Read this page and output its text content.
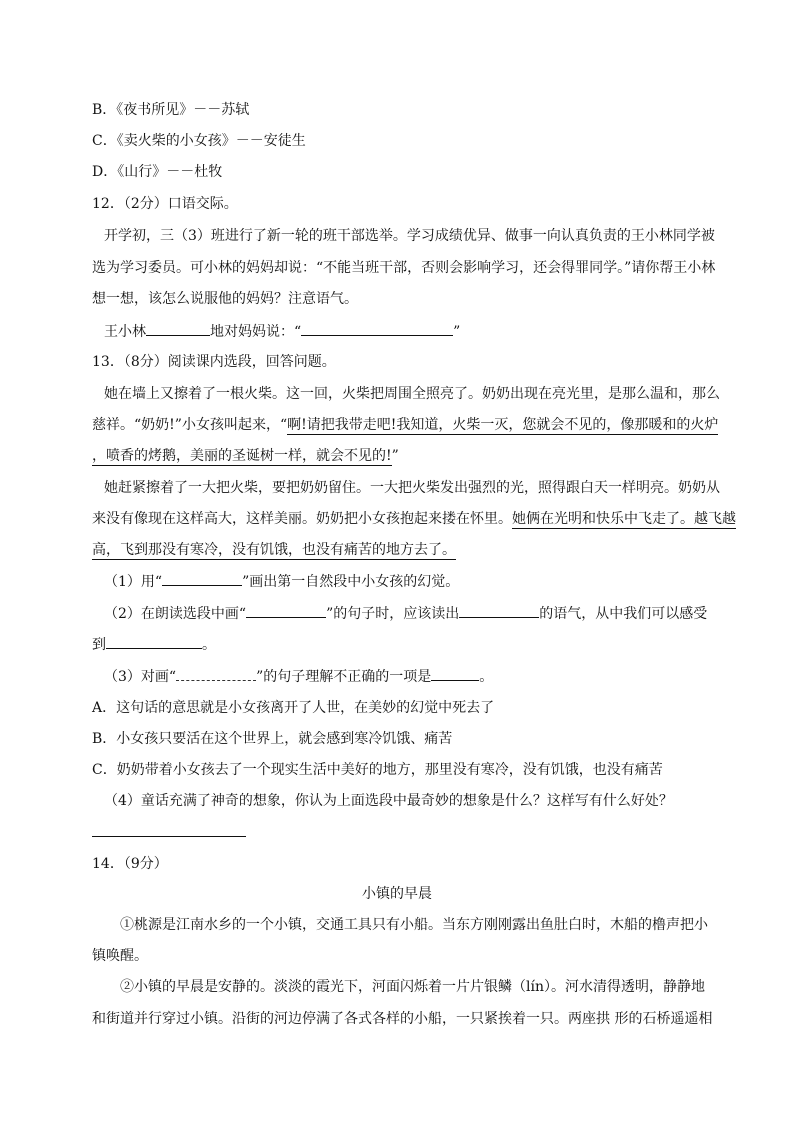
B．《夜书所见》－－苏轼
C．《卖火柴的小女孩》－－安徒生
D．《山行》－－杜牧
12．（2分）口语交际。
开学初，三（3）班进行了新一轮的班干部选举。学习成绩优异、做事一向认真负责的王小林同学被
选为学习委员。可小林的妈妈却说：“不能当班干部，否则会影响学习，还会得罪同学。”请你帮王小林
想一想，该怎么说服他的妈妈？注意语气。
王小林	地对妈妈说：“	”
13．（8分）阅读课内选段，回答问题。
她在墙上又擦着了一根火柴。这一回，火柴把周围全照亮了。奶奶出现在亮光里，是那么温和，那么
慈祥。“奶奶!”小女孩叫起来，“啊!请把我带走吧!我知道，火柴一灭，您就会不见的，像那暖和的火炉
，喷香的烤鹅，美丽的圣诞树一样，就会不见的!”
她赶紧擦着了一大把火柴，要把奶奶留住。一大把火柴发出强烈的光，照得跟白天一样明亮。奶奶从
来没有像现在这样高大，这样美丽。奶奶把小女孩抱起来搂在怀里。她俩在光明和快乐中飞走了。越飞越
高，飞到那没有寒冷，没有饥饿，也没有痛苦的地方去了。
（1）用“	”画出第一自然段中小女孩的幻觉。
（2）在朗读选段中画“	”的句子时，应该读出	的语气，从中我们可以感受
到	。
（3）对画“	”的句子理解不正确的一项是	。
A．这句话的意思就是小女孩离开了人世，在美妙的幻觉中死去了
B．小女孩只要活在这个世界上，就会感到寒冷饥饿、痛苦
C．奶奶带着小女孩去了一个现实生活中美好的地方，那里没有寒冷，没有饥饿，也没有痛苦
（4）童话充满了神奇的想象，你认为上面选段中最奇妙的想象是什么？这样写有什么好处？
14．（9分）
小镇的早晨
①桃源是江南水乡的一个小镇，交通工具只有小船。当东方刚刚露出鱼肚白时，木船的橹声把小
镇唤醒。
②小镇的早晨是安静的。淡淡的霞光下，河面闪烁着一片片银鳞（lín）。河水清得透明，静静地
和街道并行穿过小镇。沿街的河边停满了各式各样的小船，一只紧挨着一只。两座拱 形的石桥遥遥相
